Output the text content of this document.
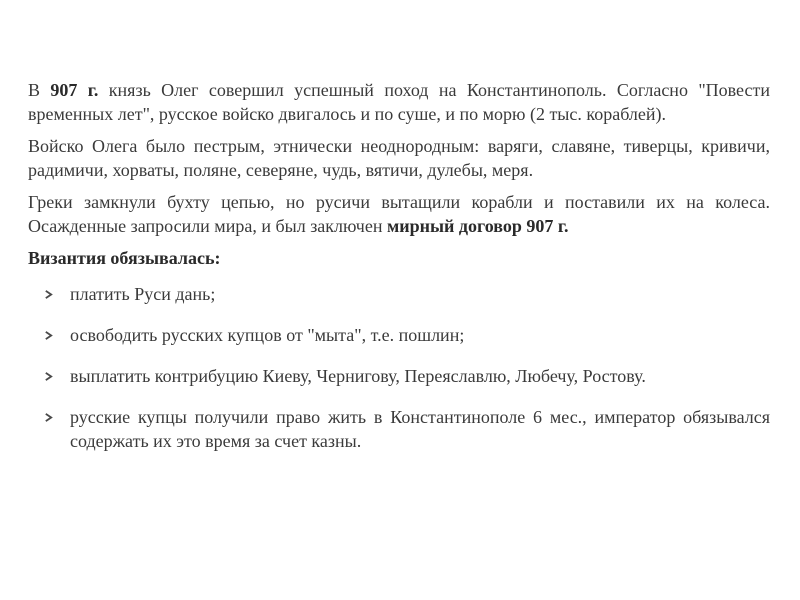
В 907 г. князь Олег совершил успешный поход на Константинополь. Согласно "Повести временных лет", русское войско двигалось и по суше, и по морю (2 тыс. кораблей).

Войско Олега было пестрым, этнически неоднородным: варяги, славяне, тиверцы, кривичи, радимичи, хорваты, поляне, северяне, чудь, вятичи, дулебы, меря.

Греки замкнули бухту цепью, но русичи вытащили корабли и поставили их на колеса. Осажденные запросили мира, и был заключен мирный договор 907 г.

Византия обязывалась:

платить Руси дань;
освободить русских купцов от "мыта", т.е. пошлин;
выплатить контрибуцию Киеву, Чернигову, Переяславлю, Любечу, Ростову.
русские купцы получили право жить в Константинополе 6 мес., император обязывался содержать их это время за счет казны.
